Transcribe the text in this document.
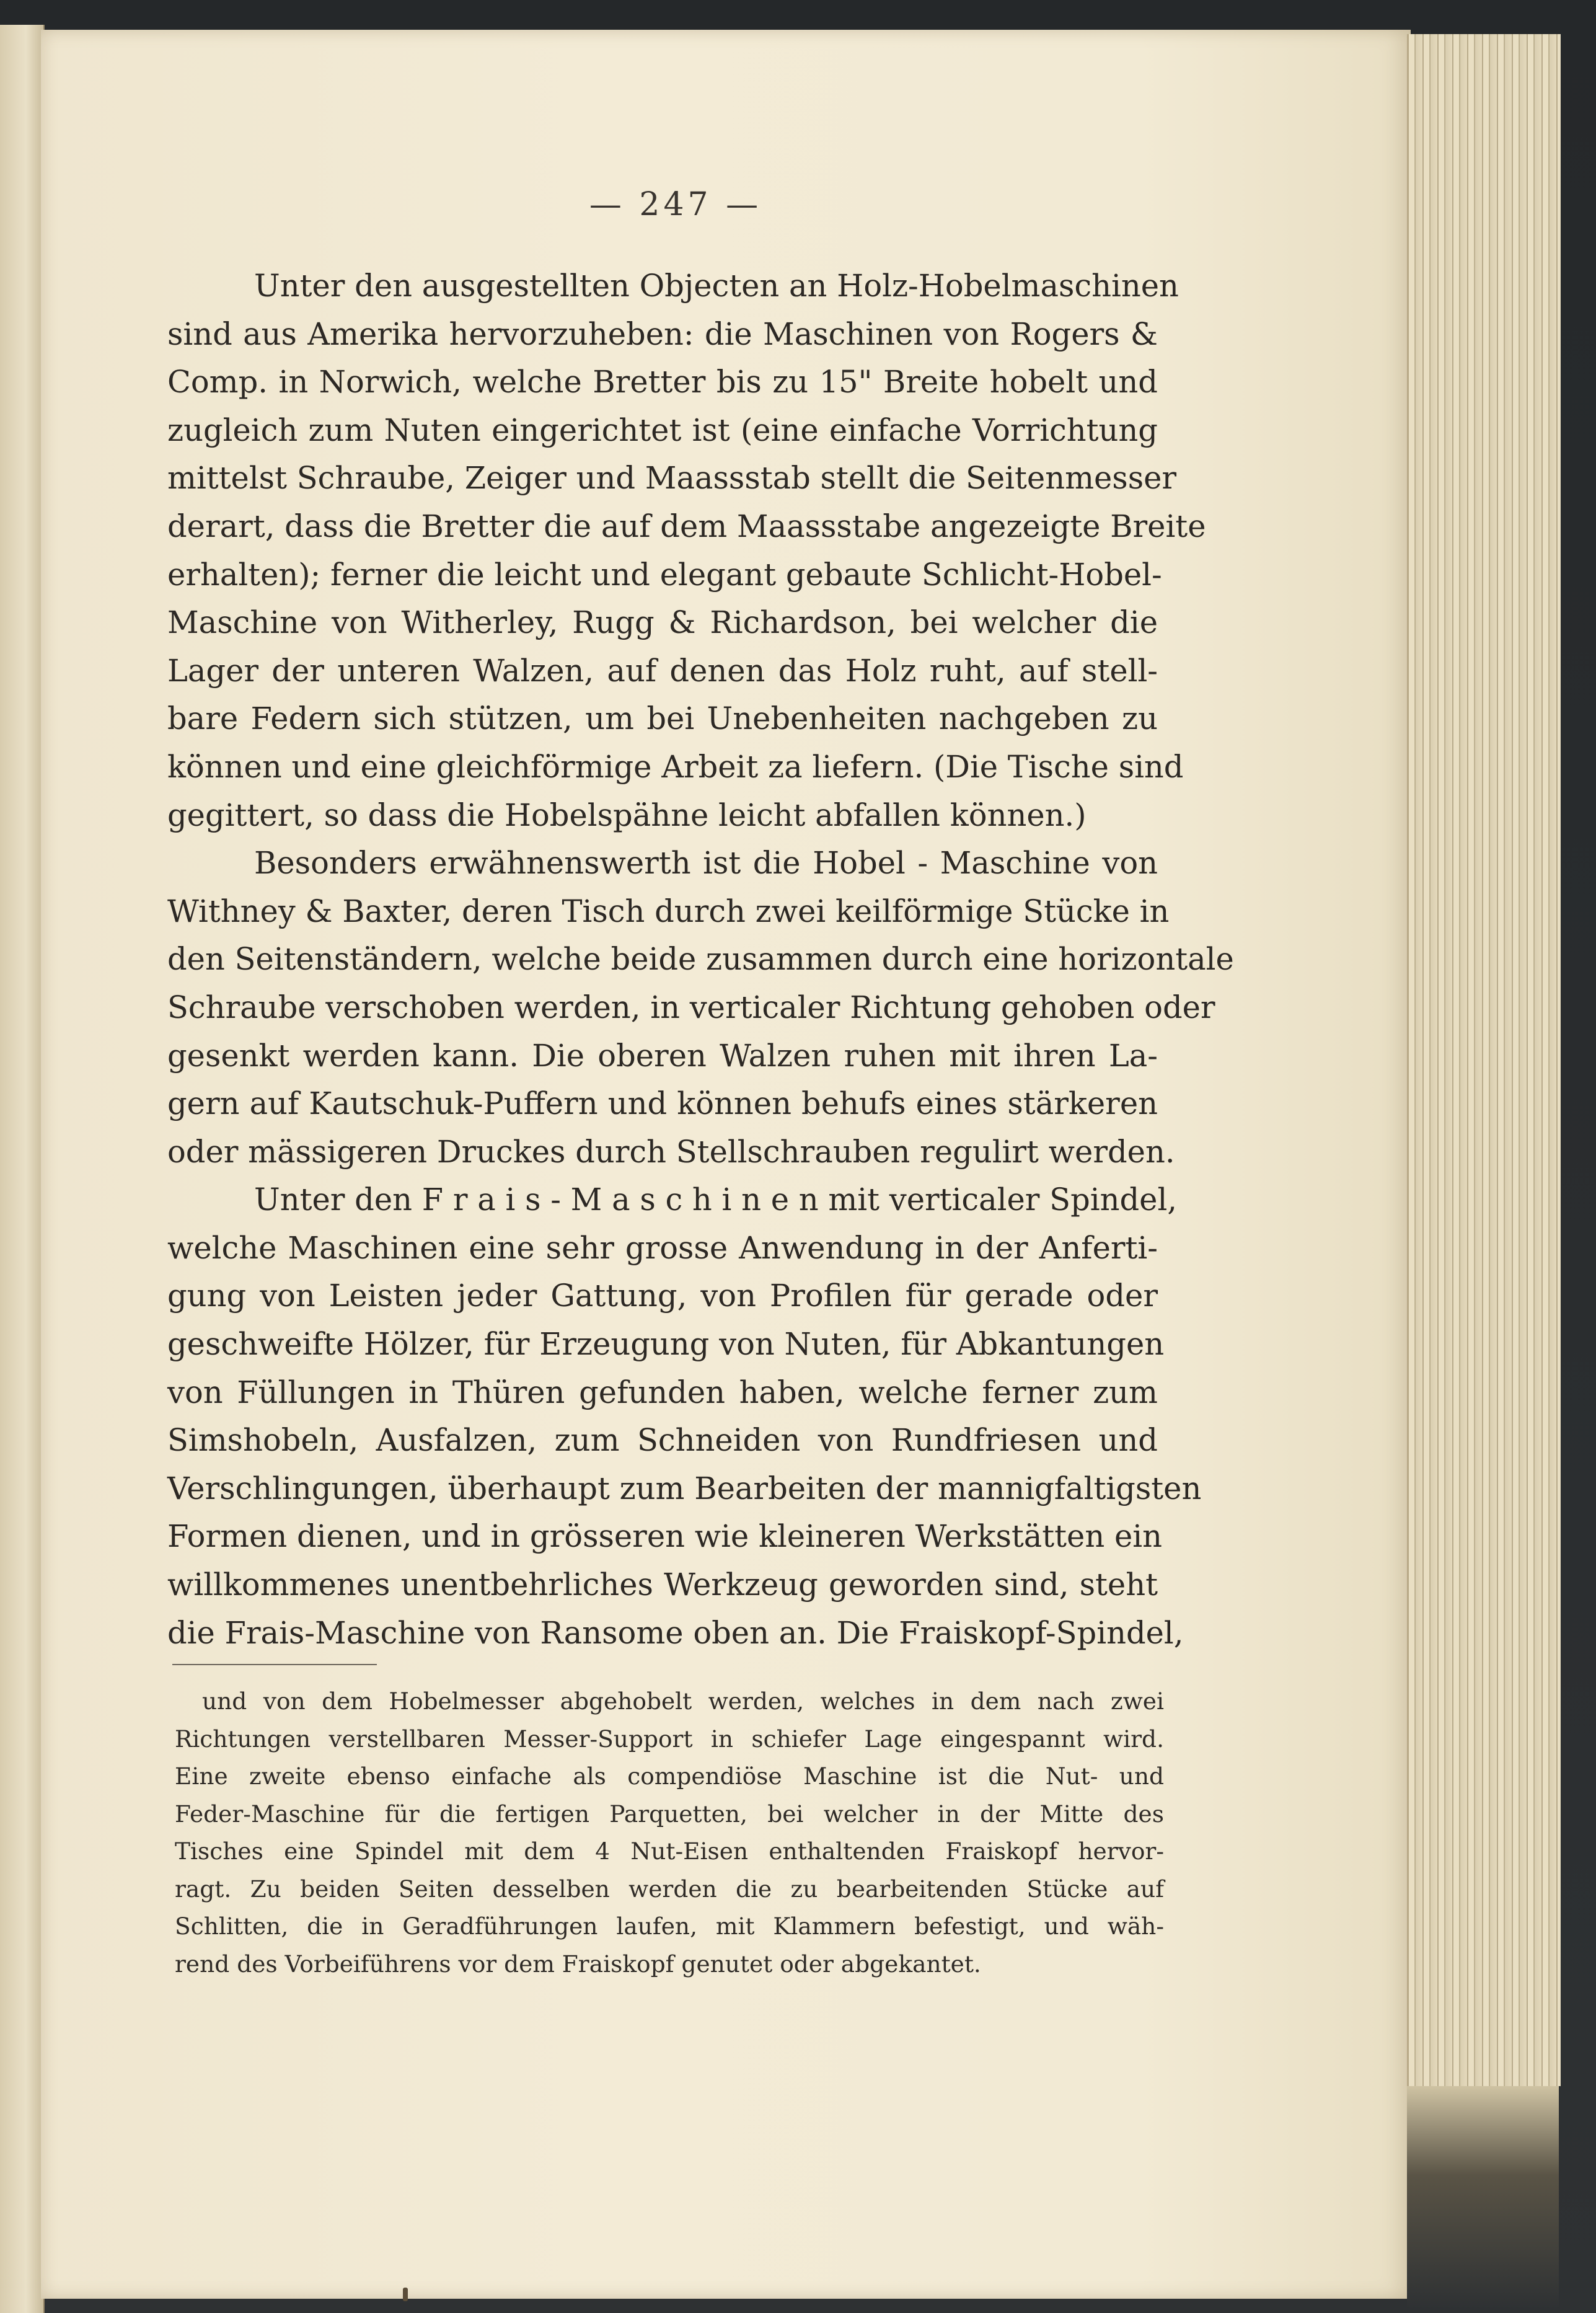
— 247 —
Unter den ausgestellten Objecten an Holz-Hobelmaschinen
sind aus Amerika hervorzuheben: die Maschinen von Rogers &
Comp. in Norwich, welche Bretter bis zu 15" Breite hobelt und
zugleich zum Nuten eingerichtet ist (eine einfache Vorrichtung
mittelst Schraube, Zeiger und Maassstab stellt die Seitenmesser
derart, dass die Bretter die auf dem Maassstabe angezeigte Breite
erhalten); ferner die leicht und elegant gebaute Schlicht-Hobel-
Maschine von Witherley, Rugg & Richardson, bei welcher die
Lager der unteren Walzen, auf denen das Holz ruht, auf stell-
bare Federn sich stützen, um bei Unebenheiten nachgeben zu
können und eine gleichförmige Arbeit za liefern. (Die Tische sind
gegittert, so dass die Hobelspähne leicht abfallen können.)
Besonders erwähnenswerth ist die Hobel - Maschine von
Withney & Baxter, deren Tisch durch zwei keilförmige Stücke in
den Seitenständern, welche beide zusammen durch eine horizontale
Schraube verschoben werden, in verticaler Richtung gehoben oder
gesenkt werden kann. Die oberen Walzen ruhen mit ihren La-
gern auf Kautschuk-Puffern und können behufs eines stärkeren
oder mässigeren Druckes durch Stellschrauben regulirt werden.
Unter den F r a i s - M a s c h i n e n mit verticaler Spindel,
welche Maschinen eine sehr grosse Anwendung in der Anferti-
gung von Leisten jeder Gattung, von Profilen für gerade oder
geschweifte Hölzer, für Erzeugung von Nuten, für Abkantungen
von Füllungen in Thüren gefunden haben, welche ferner zum
Simshobeln, Ausfalzen, zum Schneiden von Rundfriesen und
Verschlingungen, überhaupt zum Bearbeiten der mannigfaltigsten
Formen dienen, und in grösseren wie kleineren Werkstätten ein
willkommenes unentbehrliches Werkzeug geworden sind, steht
die Frais-Maschine von Ransome oben an. Die Fraiskopf-Spindel,
und von dem Hobelmesser abgehobelt werden, welches in dem nach zwei
Richtungen verstellbaren Messer-Support in schiefer Lage eingespannt wird.
Eine zweite ebenso einfache als compendiöse Maschine ist die Nut- und
Feder-Maschine für die fertigen Parquetten, bei welcher in der Mitte des
Tisches eine Spindel mit dem 4 Nut-Eisen enthaltenden Fraiskopf hervor-
ragt. Zu beiden Seiten desselben werden die zu bearbeitenden Stücke auf
Schlitten, die in Geradführungen laufen, mit Klammern befestigt, und wäh-
rend des Vorbeiführens vor dem Fraiskopf genutet oder abgekantet.
